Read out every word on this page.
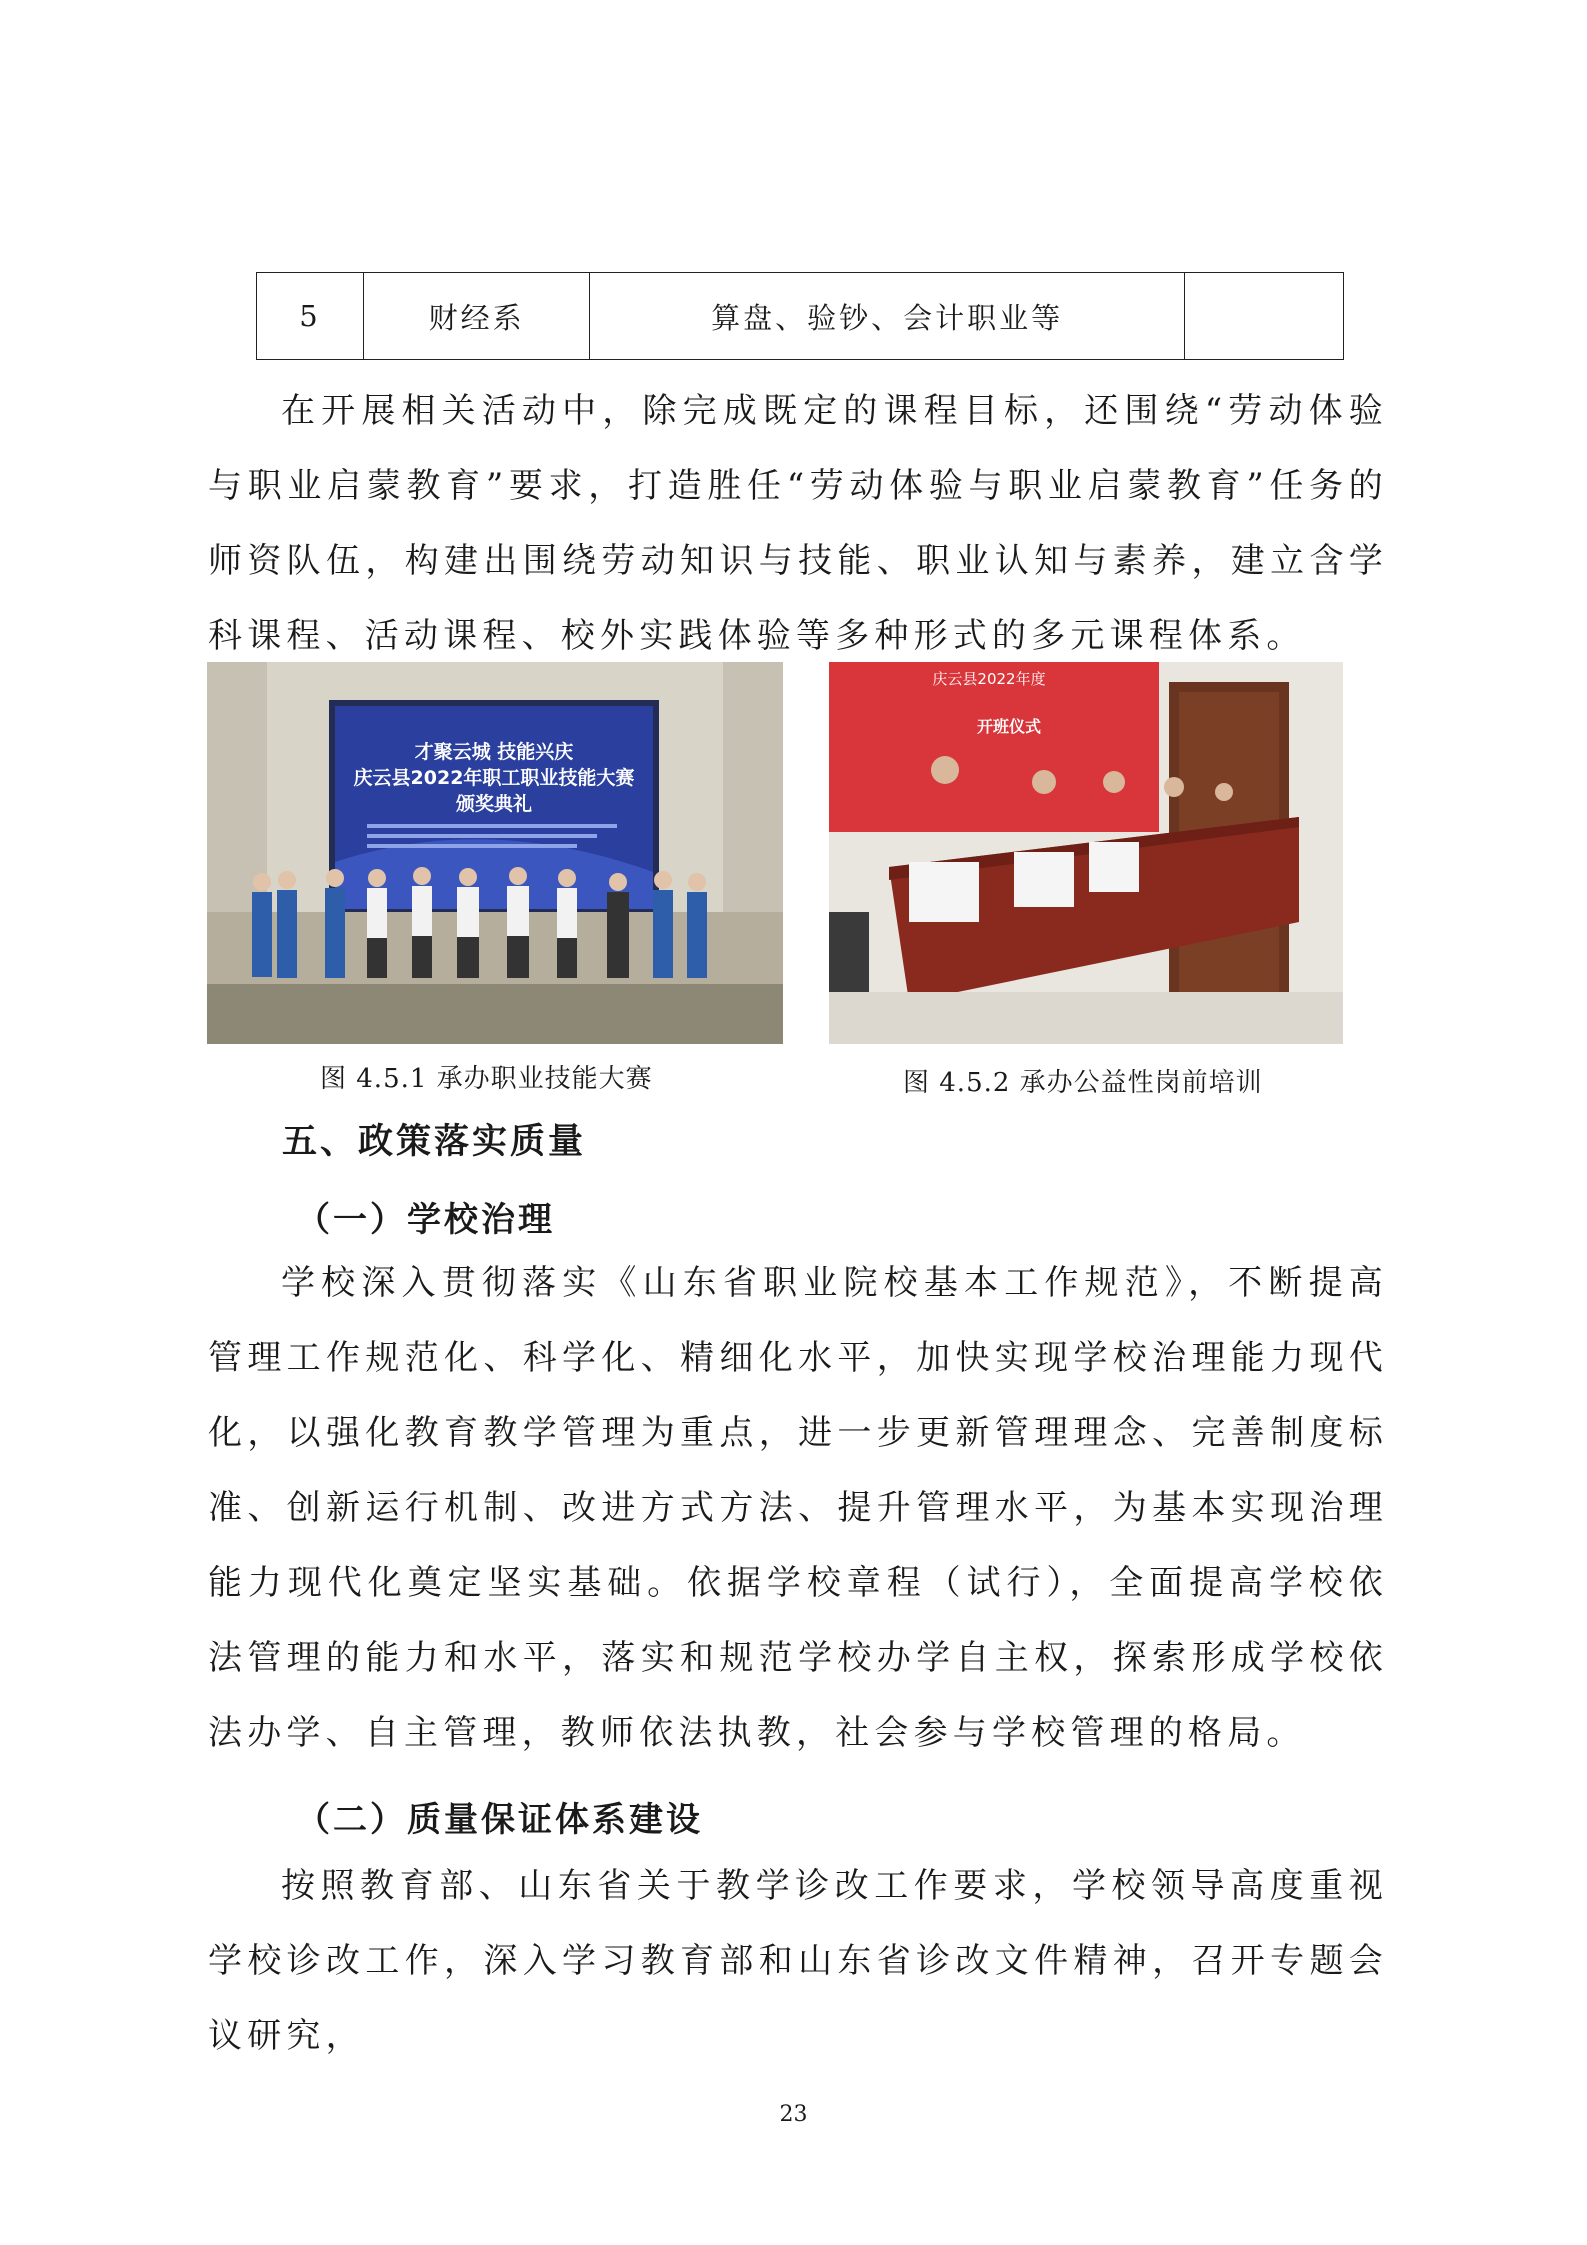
5	财经系	算盘、验钞、会计职业等	

在开展相关活动中，除完成既定的课程目标，还围绕“劳动体验与职业启蒙教育”要求，打造胜任“劳动体验与职业启蒙教育”任务的师资队伍，构建出围绕劳动知识与技能、职业认知与素养，建立含学科课程、活动课程、校外实践体验等多种形式的多元课程体系。

才聚云城 技能兴庆
庆云县2022年职工职业技能大赛
颁奖典礼
图 4.5.1 承办职业技能大赛
庆云县2022年度
开班仪式
图 4.5.2 承办公益性岗前培训
五、政策落实质量
（一）学校治理

学校深入贯彻落实《山东省职业院校基本工作规范》，不断提高管理工作规范化、科学化、精细化水平，加快实现学校治理能力现代化，以强化教育教学管理为重点，进一步更新管理理念、完善制度标准、创新运行机制、改进方式方法、提升管理水平，为基本实现治理能力现代化奠定坚实基础。依据学校章程（试行），全面提高学校依法管理的能力和水平，落实和规范学校办学自主权，探索形成学校依法办学、自主管理，教师依法执教，社会参与学校管理的格局。

（二）质量保证体系建设

按照教育部、山东省关于教学诊改工作要求，学校领导高度重视学校诊改工作，深入学习教育部和山东省诊改文件精神，召开专题会议研究，

23
